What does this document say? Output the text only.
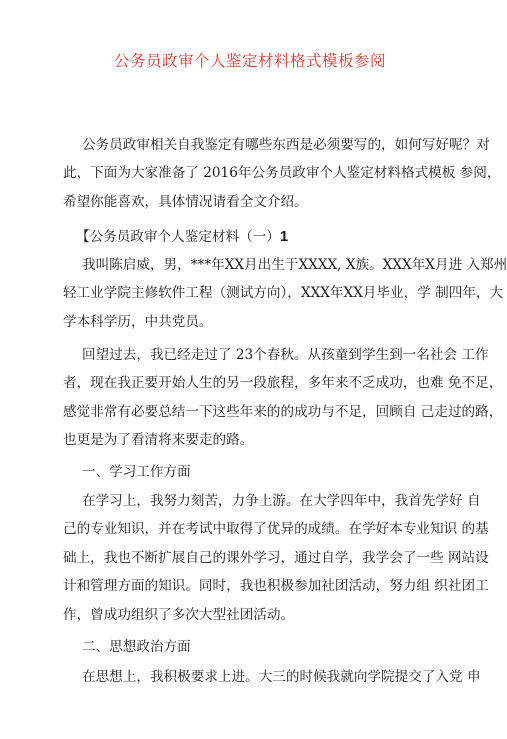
公务员政审个人鉴定材料格式模板参阅
公务员政审相关自我鉴定有哪些东西是必须要写的，如何写好呢？对
此，下面为大家准备了 2016年公务员政审个人鉴定材料格式模板 参阅，
希望你能喜欢，具体情况请看全文介绍。
【公务员政审个人鉴定材料（一）1
我叫陈启威，男，***年XX月出生于XXXX, X族。XXX年X月进 入郑州
轻工业学院主修软件工程（测试方向），XXX年XX月毕业，学 制四年，大
学本科学历，中共党员。
回望过去，我已经走过了 23个春秋。从孩童到学生到一名社会 工作
者，现在我正要开始人生的另一段旅程，多年来不乏成功，也难 免不足，
感觉非常有必要总结一下这些年来的的成功与不足，回顾自 己走过的路，
也更是为了看清将来要走的路。
一、学习工作方面
在学习上，我努力刻苦，力争上游。在大学四年中，我首先学好 自
己的专业知识，并在考试中取得了优异的成绩。在学好本专业知识 的基
础上，我也不断扩展自己的课外学习，通过自学，我学会了一些 网站设
计和管理方面的知识。同时，我也积极参加社团活动，努力组 织社团工
作，曾成功组织了多次大型社团活动。
二、思想政治方面
在思想上，我积极要求上进。大三的时候我就向学院提交了入党 申
